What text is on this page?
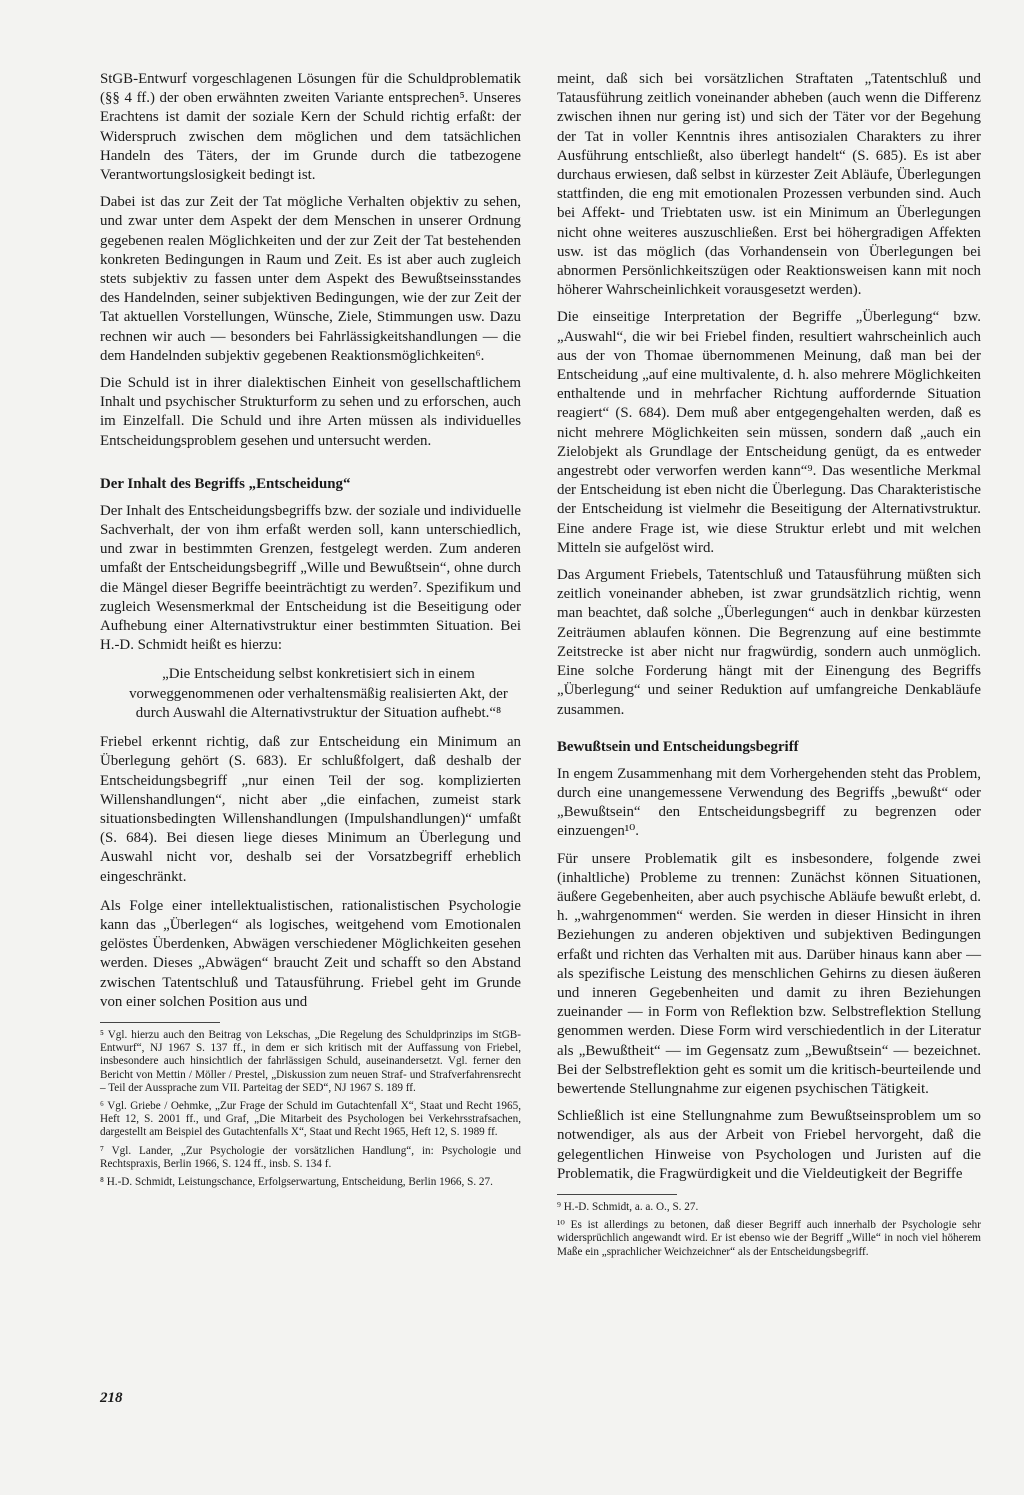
StGB-Entwurf vorgeschlagenen Lösungen für die Schuldproblematik (§§ 4 ff.) der oben erwähnten zweiten Variante entsprechen⁵. Unseres Erachtens ist damit der soziale Kern der Schuld richtig erfaßt: der Widerspruch zwischen dem möglichen und dem tatsächlichen Handeln des Täters, der im Grunde durch die tatbezogene Verantwortungslosigkeit bedingt ist.

Dabei ist das zur Zeit der Tat mögliche Verhalten objektiv zu sehen, und zwar unter dem Aspekt der dem Menschen in unserer Ordnung gegebenen realen Möglichkeiten und der zur Zeit der Tat bestehenden konkreten Bedingungen in Raum und Zeit. Es ist aber auch zugleich stets subjektiv zu fassen unter dem Aspekt des Bewußtseinsstandes des Handelnden, seiner subjektiven Bedingungen, wie der zur Zeit der Tat aktuellen Vorstellungen, Wünsche, Ziele, Stimmungen usw. Dazu rechnen wir auch — besonders bei Fahrlässigkeitshandlungen — die dem Handelnden subjektiv gegebenen Reaktionsmöglichkeiten⁶.

Die Schuld ist in ihrer dialektischen Einheit von gesellschaftlichem Inhalt und psychischer Strukturform zu sehen und zu erforschen, auch im Einzelfall. Die Schuld und ihre Arten müssen als individuelles Entscheidungsproblem gesehen und untersucht werden.

Der Inhalt des Begriffs „Entscheidung“

Der Inhalt des Entscheidungsbegriffs bzw. der soziale und individuelle Sachverhalt, der von ihm erfaßt werden soll, kann unterschiedlich, und zwar in bestimmten Grenzen, festgelegt werden. Zum anderen umfaßt der Entscheidungsbegriff „Wille und Bewußtsein“, ohne durch die Mängel dieser Begriffe beeinträchtigt zu werden⁷. Spezifikum und zugleich Wesensmerkmal der Entscheidung ist die Beseitigung oder Aufhebung einer Alternativstruktur einer bestimmten Situation. Bei H.-D. Schmidt heißt es hierzu:

„Die Entscheidung selbst konkretisiert sich in einem vorweggenommenen oder verhaltensmäßig realisierten Akt, der durch Auswahl die Alternativstruktur der Situation aufhebt.“⁸

Friebel erkennt richtig, daß zur Entscheidung ein Minimum an Überlegung gehört (S. 683). Er schlußfolgert, daß deshalb der Entscheidungsbegriff „nur einen Teil der sog. komplizierten Willenshandlungen“, nicht aber „die einfachen, zumeist stark situationsbedingten Willenshandlungen (Impulshandlungen)“ umfaßt (S. 684). Bei diesen liege dieses Minimum an Überlegung und Auswahl nicht vor, deshalb sei der Vorsatzbegriff erheblich eingeschränkt.

Als Folge einer intellektualistischen, rationalistischen Psychologie kann das „Überlegen“ als logisches, weitgehend vom Emotionalen gelöstes Überdenken, Abwägen verschiedener Möglichkeiten gesehen werden. Dieses „Abwägen“ braucht Zeit und schafft so den Abstand zwischen Tatentschluß und Tatausführung. Friebel geht im Grunde von einer solchen Position aus und

⁵ Vgl. hierzu auch den Beitrag von Lekschas, „Die Regelung des Schuldprinzips im StGB-Entwurf“, NJ 1967 S. 137 ff., in dem er sich kritisch mit der Auffassung von Friebel, insbesondere auch hinsichtlich der fahrlässigen Schuld, auseinandersetzt. Vgl. ferner den Bericht von Mettin / Möller / Prestel, „Diskussion zum neuen Straf- und Strafverfahrensrecht – Teil der Aussprache zum VII. Parteitag der SED“, NJ 1967 S. 189 ff.

⁶ Vgl. Griebe / Oehmke, „Zur Frage der Schuld im Gutachtenfall X“, Staat und Recht 1965, Heft 12, S. 2001 ff., und Graf, „Die Mitarbeit des Psychologen bei Verkehrsstrafsachen, dargestellt am Beispiel des Gutachtenfalls X“, Staat und Recht 1965, Heft 12, S. 1989 ff.

⁷ Vgl. Lander, „Zur Psychologie der vorsätzlichen Handlung“, in: Psychologie und Rechtspraxis, Berlin 1966, S. 124 ff., insb. S. 134 f.

⁸ H.-D. Schmidt, Leistungschance, Erfolgserwartung, Entscheidung, Berlin 1966, S. 27.

meint, daß sich bei vorsätzlichen Straftaten „Tatentschluß und Tatausführung zeitlich voneinander abheben (auch wenn die Differenz zwischen ihnen nur gering ist) und sich der Täter vor der Begehung der Tat in voller Kenntnis ihres antisozialen Charakters zu ihrer Ausführung entschließt, also überlegt handelt“ (S. 685). Es ist aber durchaus erwiesen, daß selbst in kürzester Zeit Abläufe, Überlegungen stattfinden, die eng mit emotionalen Prozessen verbunden sind. Auch bei Affekt- und Triebtaten usw. ist ein Minimum an Überlegungen nicht ohne weiteres auszuschließen. Erst bei höhergradigen Affekten usw. ist das möglich (das Vorhandensein von Überlegungen bei abnormen Persönlichkeitszügen oder Reaktionsweisen kann mit noch höherer Wahrscheinlichkeit vorausgesetzt werden).

Die einseitige Interpretation der Begriffe „Überlegung“ bzw. „Auswahl“, die wir bei Friebel finden, resultiert wahrscheinlich auch aus der von Thomae übernommenen Meinung, daß man bei der Entscheidung „auf eine multivalente, d. h. also mehrere Möglichkeiten enthaltende und in mehrfacher Richtung auffordernde Situation reagiert“ (S. 684). Dem muß aber entgegengehalten werden, daß es nicht mehrere Möglichkeiten sein müssen, sondern daß „auch ein Zielobjekt als Grundlage der Entscheidung genügt, da es entweder angestrebt oder verworfen werden kann“⁹. Das wesentliche Merkmal der Entscheidung ist eben nicht die Überlegung. Das Charakteristische der Entscheidung ist vielmehr die Beseitigung der Alternativstruktur. Eine andere Frage ist, wie diese Struktur erlebt und mit welchen Mitteln sie aufgelöst wird.

Das Argument Friebels, Tatentschluß und Tatausführung müßten sich zeitlich voneinander abheben, ist zwar grundsätzlich richtig, wenn man beachtet, daß solche „Überlegungen“ auch in denkbar kürzesten Zeiträumen ablaufen können. Die Begrenzung auf eine bestimmte Zeitstrecke ist aber nicht nur fragwürdig, sondern auch unmöglich. Eine solche Forderung hängt mit der Einengung des Begriffs „Überlegung“ und seiner Reduktion auf umfangreiche Denkabläufe zusammen.

Bewußtsein und Entscheidungsbegriff

In engem Zusammenhang mit dem Vorhergehenden steht das Problem, durch eine unangemessene Verwendung des Begriffs „bewußt“ oder „Bewußtsein“ den Entscheidungsbegriff zu begrenzen oder einzuengen¹⁰.

Für unsere Problematik gilt es insbesondere, folgende zwei (inhaltliche) Probleme zu trennen: Zunächst können Situationen, äußere Gegebenheiten, aber auch psychische Abläufe bewußt erlebt, d. h. „wahrgenommen“ werden. Sie werden in dieser Hinsicht in ihren Beziehungen zu anderen objektiven und subjektiven Bedingungen erfaßt und richten das Verhalten mit aus. Darüber hinaus kann aber — als spezifische Leistung des menschlichen Gehirns zu diesen äußeren und inneren Gegebenheiten und damit zu ihren Beziehungen zueinander — in Form von Reflektion bzw. Selbstreflektion Stellung genommen werden. Diese Form wird verschiedentlich in der Literatur als „Bewußtheit“ — im Gegensatz zum „Bewußtsein“ — bezeichnet. Bei der Selbstreflektion geht es somit um die kritisch-beurteilende und bewertende Stellungnahme zur eigenen psychischen Tätigkeit.

Schließlich ist eine Stellungnahme zum Bewußtseinsproblem um so notwendiger, als aus der Arbeit von Friebel hervorgeht, daß die gelegentlichen Hinweise von Psychologen und Juristen auf die Problematik, die Fragwürdigkeit und die Vieldeutigkeit der Begriffe

⁹ H.-D. Schmidt, a. a. O., S. 27.

¹⁰ Es ist allerdings zu betonen, daß dieser Begriff auch innerhalb der Psychologie sehr widersprüchlich angewandt wird. Er ist ebenso wie der Begriff „Wille“ in noch viel höherem Maße ein „sprachlicher Weichzeichner“ als der Entscheidungsbegriff.

218
